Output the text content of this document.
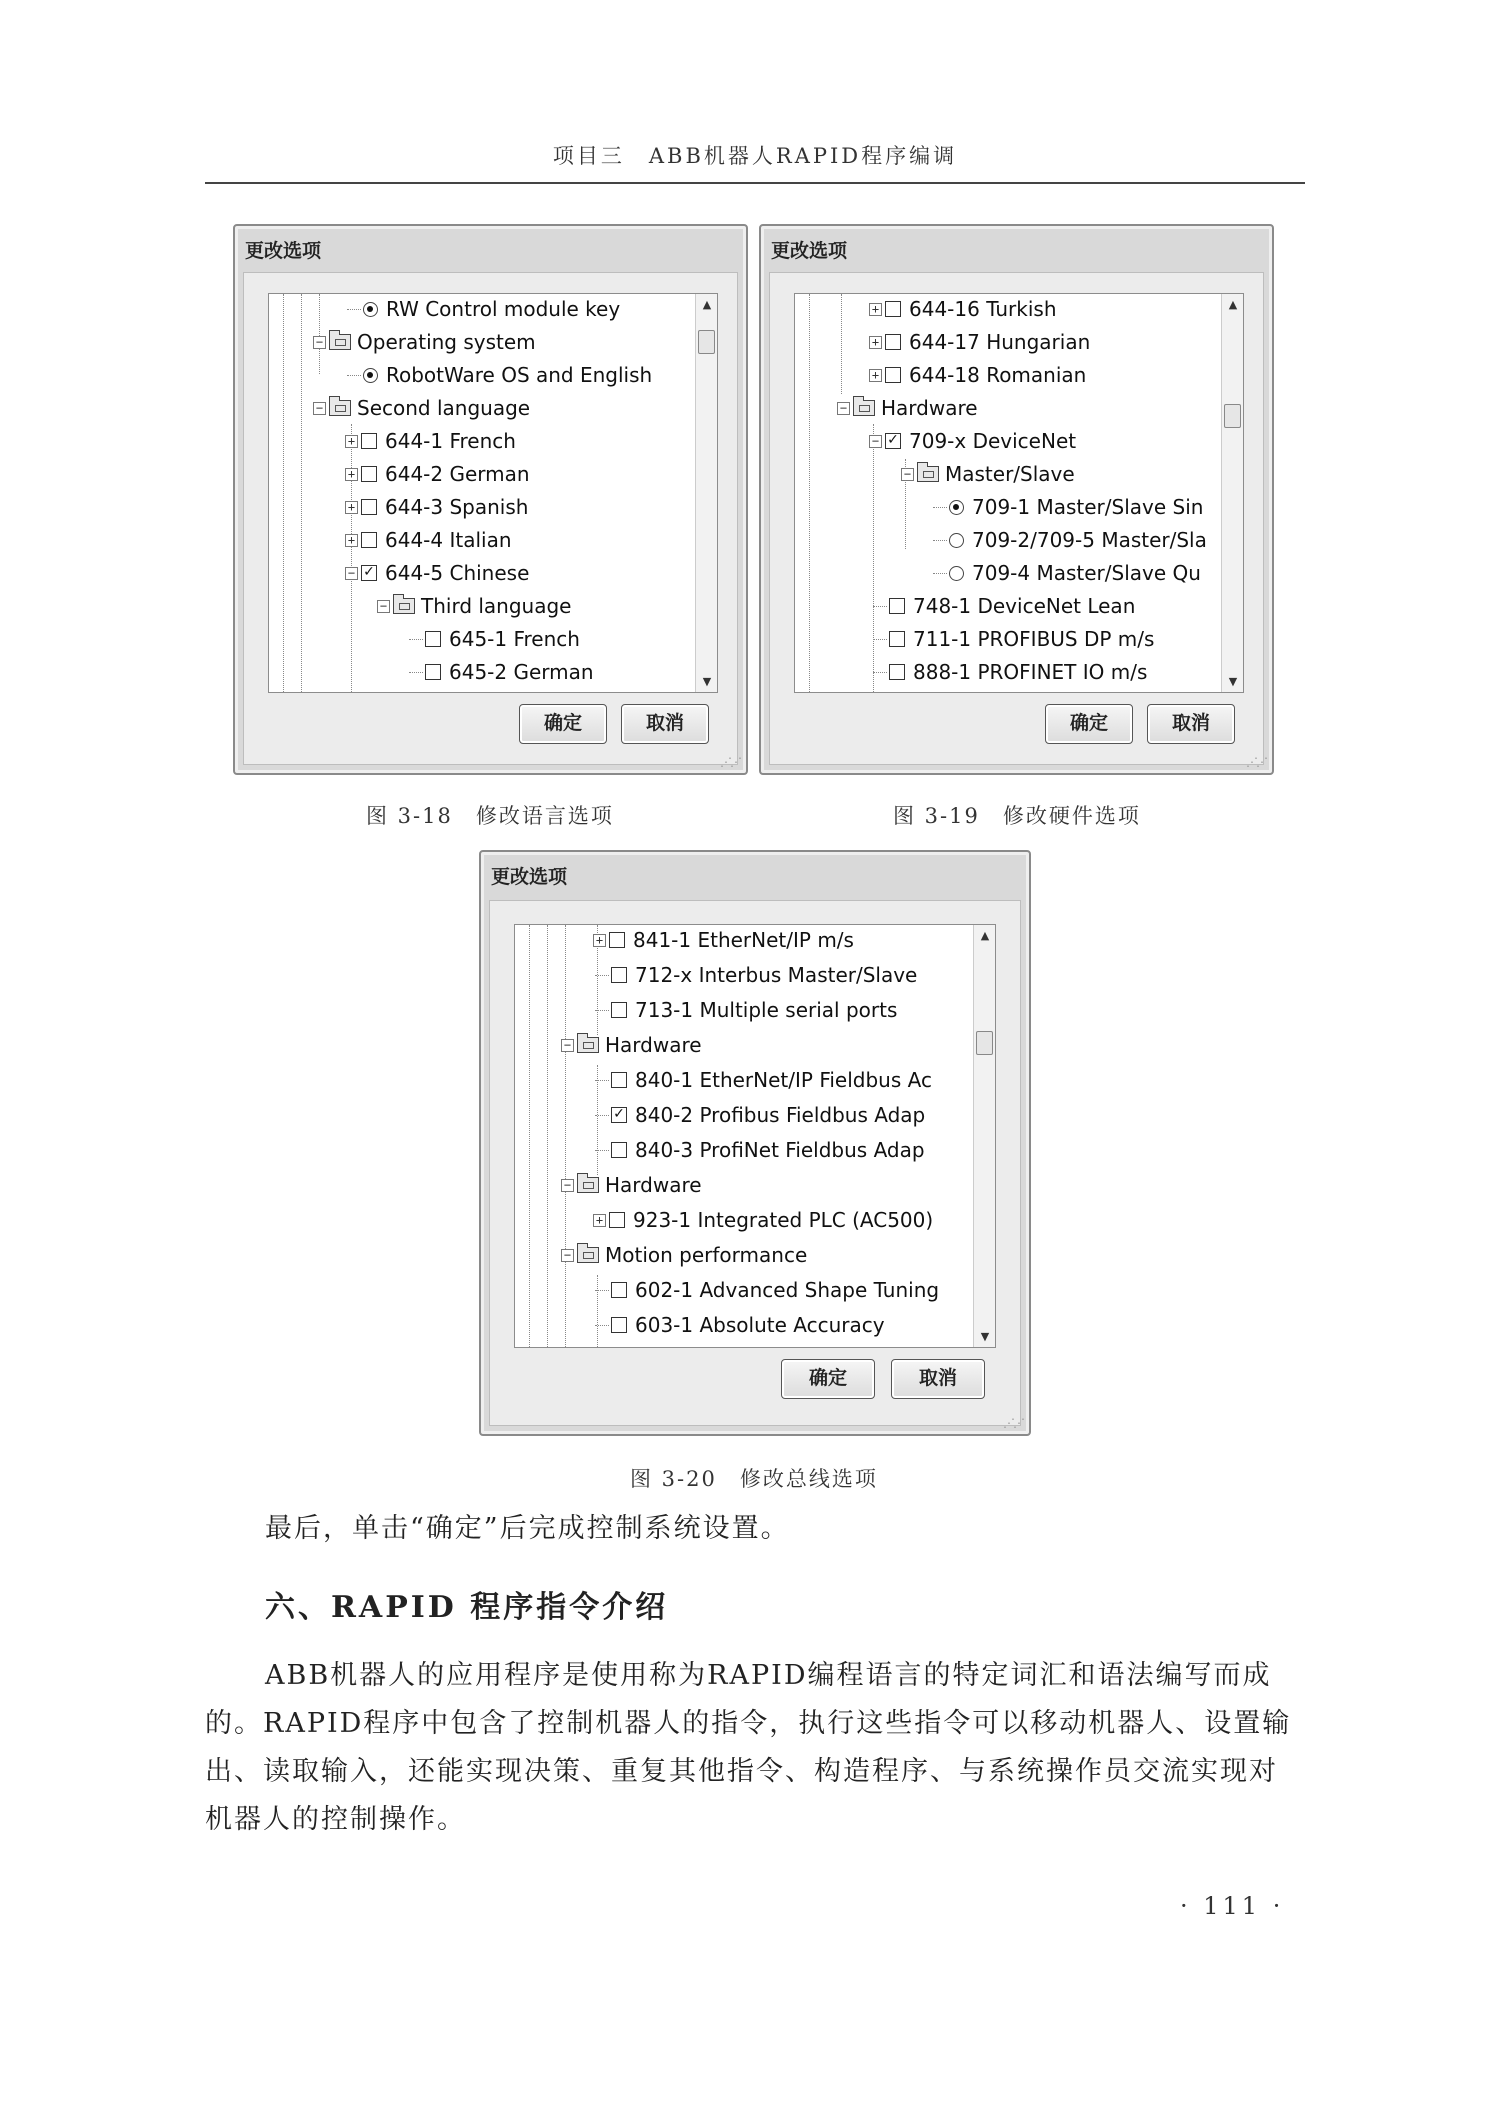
项目三　ABB机器人RAPID程序编调
更改选项
RW Control module key
− Operating system
RobotWare OS and English
− Second language
+ 644-1 French
+ 644-2 German
+ 644-3 Spanish
+ 644-4 Italian
− ✓ 644-5 Chinese
− Third language
645-1 French
645-2 German
▲
▼
确定	取消
⋰⋰
更改选项
+ 644-16 Turkish
+ 644-17 Hungarian
+ 644-18 Romanian
− Hardware
− ✓ 709-x DeviceNet
− Master/Slave
709-1 Master/Slave Sin
709-2/709-5 Master/Sla
709-4 Master/Slave Qu
748-1 DeviceNet Lean
711-1 PROFIBUS DP m/s
888-1 PROFINET IO m/s
▲
▼
确定	取消
⋰⋰
图 3-18　修改语言选项	图 3-19　修改硬件选项
更改选项
+ 841-1 EtherNet/IP m/s
712-x Interbus Master/Slave
713-1 Multiple serial ports
− Hardware
840-1 EtherNet/IP Fieldbus Ac
✓ 840-2 Profibus Fieldbus Adap
840-3 ProfiNet Fieldbus Adap
− Hardware
+ 923-1 Integrated PLC (AC500)
− Motion performance
602-1 Advanced Shape Tuning
603-1 Absolute Accuracy
▲
▼
确定	取消
⋰⋰
图 3-20　修改总线选项
最后，单击“确定”后完成控制系统设置。
六、RAPID 程序指令介绍
ABB机器人的应用程序是使用称为RAPID编程语言的特定词汇和语法编写而成的。RAPID程序中包含了控制机器人的指令，执行这些指令可以移动机器人、设置输出、读取输入，还能实现决策、重复其他指令、构造程序、与系统操作员交流实现对机器人的控制操作。
· 111 ·
